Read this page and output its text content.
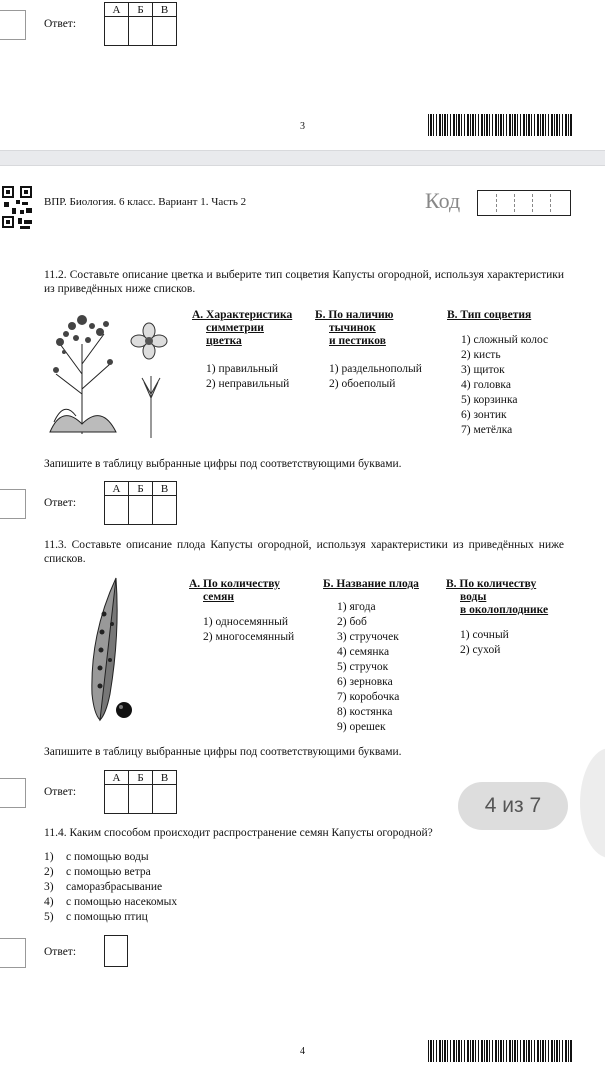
Ответ:
А	Б	В

3
ВПР. Биология. 6 класс. Вариант 1. Часть 2	Код
11.2. Составьте описание цветка и выберите тип соцветия Капусты огородной, используя характеристики из приведённых ниже списков.
А. Характеристика
симметрии
цветка
1) правильный
2) неправильный
Б. По наличию
тычинок
и пестиков
1) раздельнополый
2) обоеполый
В. Тип соцветия
1) сложный колос
2) кисть
3) щиток
4) головка
5) корзинка
6) зонтик
7) метёлка
Запишите в таблицу выбранные цифры под соответствующими буквами.
Ответ:
А	Б	В

11.3. Составьте описание плода Капусты огородной, используя характеристики из приведённых ниже списков.
А. По количеству
семян
1) односемянный
2) многосемянный
Б. Название плода
1) ягода
2) боб
3) стручочек
4) семянка
5) стручок
6) зерновка
7) коробочка
8) костянка
9) орешек
В. По количеству
воды
в околоплоднике
1) сочный
2) сухой
Запишите в таблицу выбранные цифры под соответствующими буквами.
Ответ:
А	Б	В

11.4. Каким способом происходит распространение семян Капусты огородной?
1) с помощью воды
2) с помощью ветра
3) саморазбрасывание
4) с помощью насекомых
5) с помощью птиц
Ответ:
4
4 из 7
